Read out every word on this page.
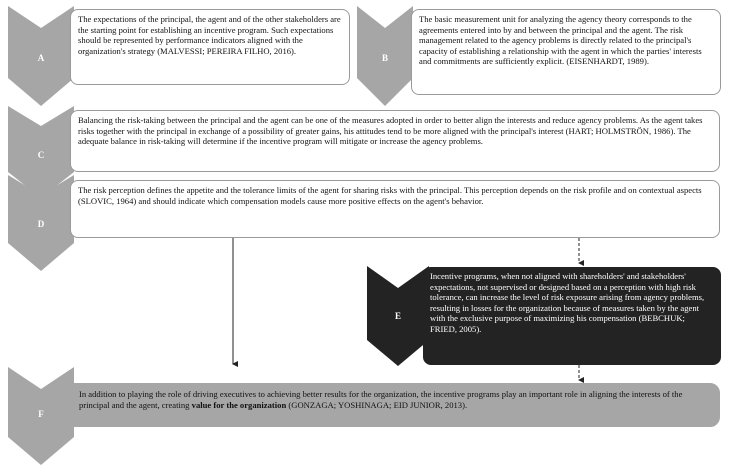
A	B
C
D
E
F
The expectations of the principal, the agent and of the other stakeholders are the starting point for establishing an incentive program. Such expectations should be represented by performance indicators aligned with the organization's strategy (MALVESSI; PEREIRA FILHO, 2016).
The basic measurement unit for analyzing the agency theory corresponds to the agreements entered into by and between the principal and the agent. The risk management related to the agency problems is directly related to the principal's capacity of establishing a relationship with the agent in which the parties' interests and commitments are sufficiently explicit. (EISENHARDT, 1989).
Balancing the risk-taking between the principal and the agent can be one of the measures adopted in order to better align the interests and reduce agency problems. As the agent takes risks together with the principal in exchange of a possibility of greater gains, his attitudes tend to be more aligned with the principal's interest (HART; HOLMSTRÖN, 1986). The adequate balance in risk-taking will determine if the incentive program will mitigate or increase the agency problems.
The risk perception defines the appetite and the tolerance limits of the agent for sharing risks with the principal. This perception depends on the risk profile and on contextual aspects (SLOVIC, 1964) and should indicate which compensation models cause more positive effects on the agent's behavior.
Incentive programs, when not aligned with shareholders' and stakeholders' expectations, not supervised or designed based on a perception with high risk tolerance, can increase the level of risk exposure arising from agency problems, resulting in losses for the organization because of measures taken by the agent with the exclusive purpose of maximizing his compensation (BEBCHUK; FRIED, 2005).
In addition to playing the role of driving executives to achieving better results for the organization, the incentive programs play an important role in aligning the interests of the principal and the agent, creating value for the organization (GONZAGA; YOSHINAGA; EID JUNIOR, 2013).
